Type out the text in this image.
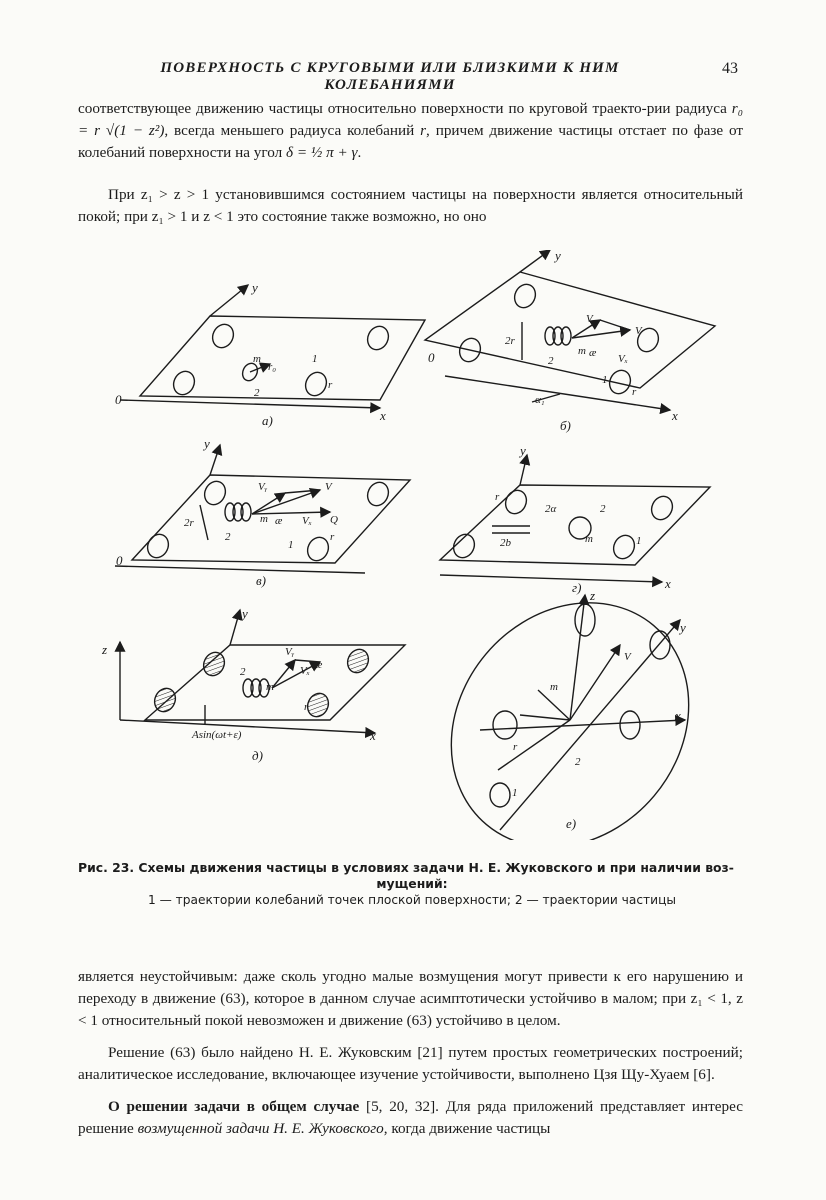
ПОВЕРХНОСТЬ С КРУГОВЫМИ ИЛИ БЛИЗКИМИ К НИМ КОЛЕБАНИЯМИ
43
соответствующее движению частицы относительно поверхности по круговой траекто-рии радиуса r₀ = r √(1 − z²), всегда меньшего радиуса колебаний r, причем движение частицы отстает по фазе от колебаний поверхности на угол δ = ½ π + γ.
При z₁ > z > 1 установившимся состоянием частицы на поверхности является относительный покой; при z₁ > 1 и z < 1 это состояние также возможно, но оно
y
0
x
m
r₀
2
1
r
а)
y
0
x
2r
2
m æ
Vᵧ
V
Vₓ
1
r
α₁
б)
y
0
2r
2
Vᵧ	V
m æ Vₓ Q
1
r
в)
y
x
r
2α
2b
2
m	1
г)
y
z
x
2
m
Vᵧ
Vₓ æ
r
Asin(ωt+ε)
д)
z
y
x
V
m
r
2
1
е)
Рис. 23. Схемы движения частицы в условиях задачи Н. Е. Жуковского и при наличии воз-
мущений:
1 — траектории колебаний точек плоской поверхности; 2 — траектории частицы
является неустойчивым: даже сколь угодно малые возмущения могут привести к его нарушению и переходу в движение (63), которое в данном случае асимптотически устойчиво в малом; при z₁ < 1, z < 1 относительный покой невозможен и движение (63) устойчиво в целом.
Решение (63) было найдено Н. Е. Жуковским [21] путем простых геометрических построений; аналитическое исследование, включающее изучение устойчивости, выполнено Цзя Щу-Хуаем [6].
О решении задачи в общем случае [5, 20, 32]. Для ряда приложений представляет интерес решение возмущенной задачи Н. Е. Жуковского, когда движение частицы
